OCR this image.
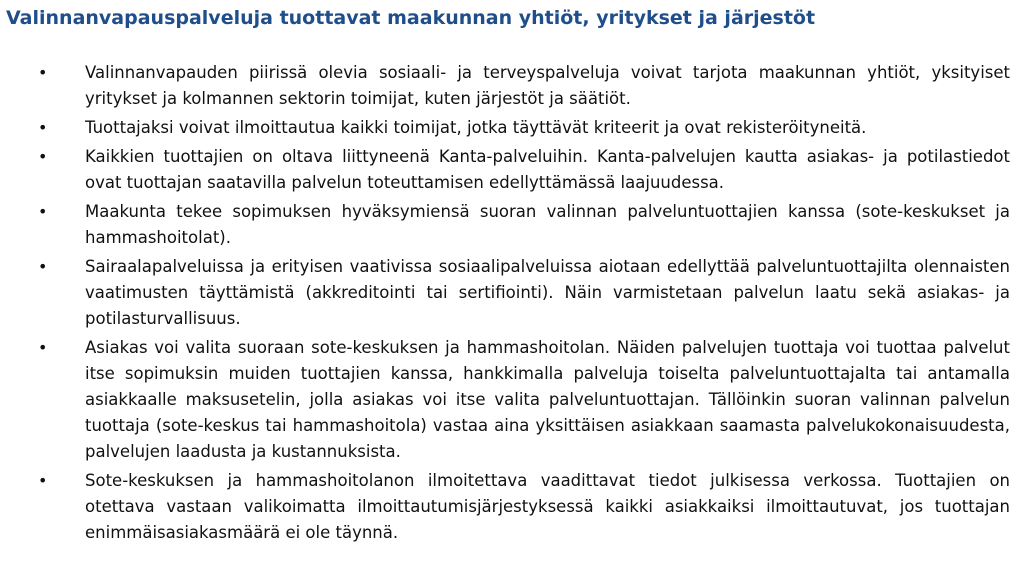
Valinnanvapauspalveluja tuottavat maakunnan yhtiöt, yritykset ja järjestöt
• Valinnanvapauden piirissä olevia sosiaali- ja terveyspalveluja voivat tarjota maakunnan yhtiöt, yksityiset yritykset ja kolmannen sektorin toimijat, kuten järjestöt ja säätiöt.
• Tuottajaksi voivat ilmoittautua kaikki toimijat, jotka täyttävät kriteerit ja ovat rekisteröityneitä.
• Kaikkien tuottajien on oltava liittyneenä Kanta-palveluihin. Kanta-palvelujen kautta asiakas- ja potilastiedot ovat tuottajan saatavilla palvelun toteuttamisen edellyttämässä laajuudessa.
• Maakunta tekee sopimuksen hyväksymiensä suoran valinnan palveluntuottajien kanssa (sote-keskukset ja hammashoitolat).
• Sairaalapalveluissa ja erityisen vaativissa sosiaalipalveluissa aiotaan edellyttää palveluntuottajilta olennaisten vaatimusten täyttämistä (akkreditointi tai sertifiointi). Näin varmistetaan palvelun laatu sekä asiakas- ja potilasturvallisuus.
• Asiakas voi valita suoraan sote-keskuksen ja hammashoitolan. Näiden palvelujen tuottaja voi tuottaa palvelut itse sopimuksin muiden tuottajien kanssa, hankkimalla palveluja toiselta palveluntuottajalta tai antamalla asiakkaalle maksusetelin, jolla asiakas voi itse valita palveluntuottajan. Tällöinkin suoran valinnan palvelun tuottaja (sote-keskus tai hammashoitola) vastaa aina yksittäisen asiakkaan saamasta palvelukokonaisuudesta, palvelujen laadusta ja kustannuksista.
• Sote-keskuksen ja hammashoitolanon ilmoitettava vaadittavat tiedot julkisessa verkossa. Tuottajien on otettava vastaan valikoimatta ilmoittautumisjärjestyksessä kaikki asiakkaiksi ilmoittautuvat, jos tuottajan enimmäisasiakasmäärä ei ole täynnä.
